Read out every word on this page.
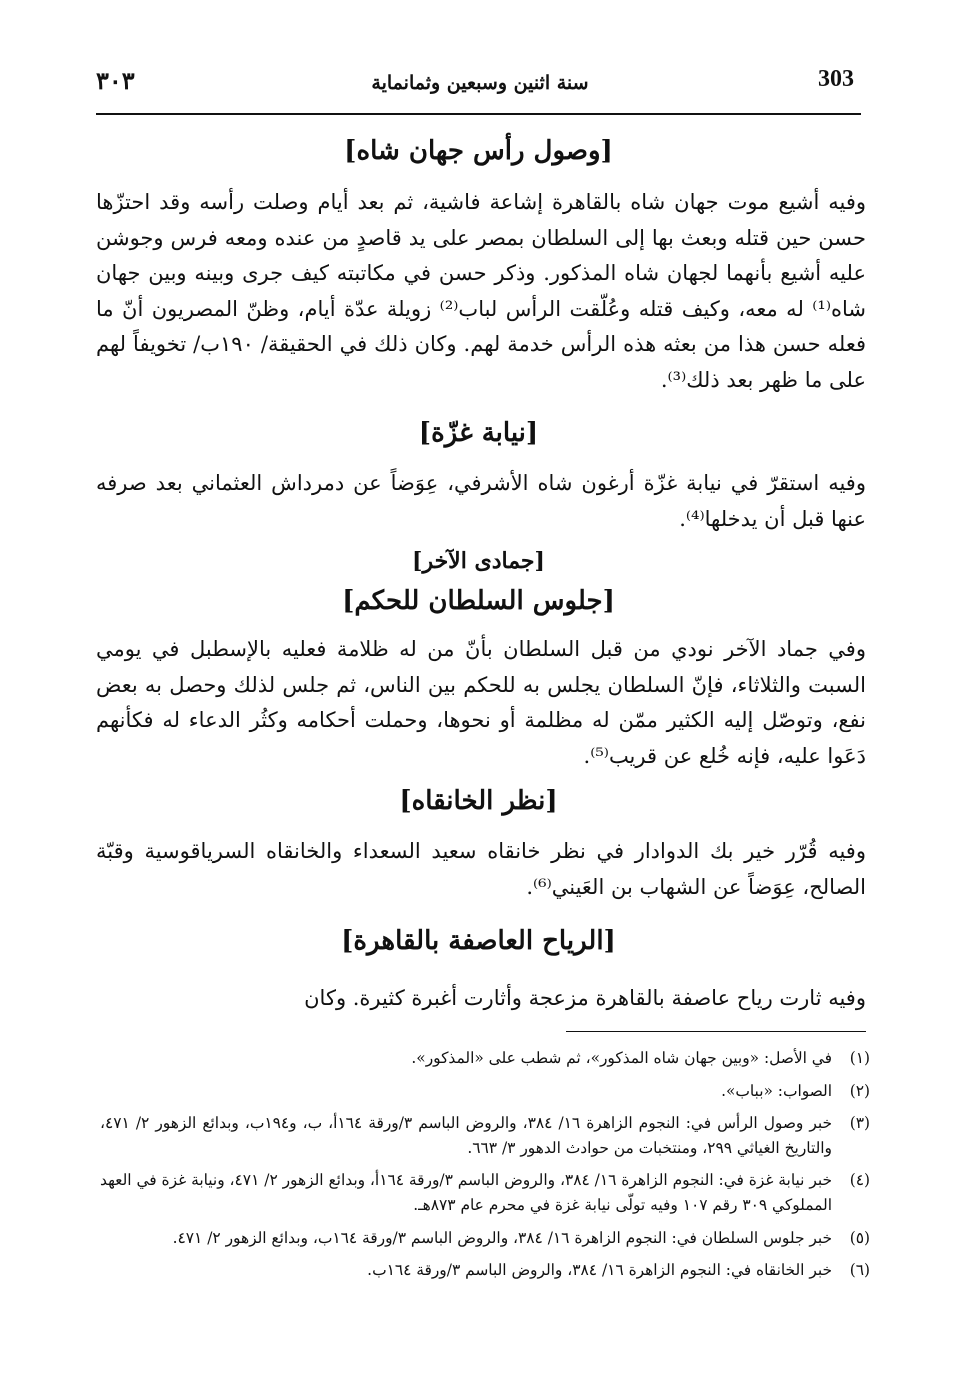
٣٠٣	سنة اثنين وسبعين وثمانماية	303
[وصول رأس جهان شاه]

وفيه أشيع موت جهان شاه بالقاهرة إشاعة فاشية، ثم بعد أيام وصلت رأسه وقد احتزّها حسن حين قتله وبعث بها إلى السلطان بمصر على يد قاصدٍ من عنده ومعه فرس وجوشن عليه أشيع بأنهما لجهان شاه المذكور. وذكر حسن في مكاتبته كيف جرى وبينه وبين جهان شاه⁽¹⁾ له معه، وكيف قتله وعُلّقت الرأس لباب⁽²⁾ زويلة عدّة أيام، وظنّ المصريون أنّ ما فعله حسن هذا من بعثه هذه الرأس خدمة لهم. وكان ذلك في الحقيقة/ ١٩٠ب/ تخويفاً لهم على ما ظهر بعد ذلك⁽³⁾.

[نيابة غزّة]

وفيه استقرّ في نيابة غزّة أرغون شاه الأشرفي، عِوَضاً عن دمرداش العثماني بعد صرفه عنها قبل أن يدخلها⁽⁴⁾.

[جمادى الآخر]
[جلوس السلطان للحكم]

وفي جماد الآخر نودي من قبل السلطان بأنّ من له ظلامة فعليه بالإسطبل في يومي السبت والثلاثاء، فإنّ السلطان يجلس به للحكم بين الناس، ثم جلس لذلك وحصل به بعض نفع، وتوصّل إليه الكثير ممّن له مظلمة أو نحوها، وحملت أحكامه وكثُر الدعاء له فكأنهم دَعَوا عليه، فإنه خُلع عن قريب⁽⁵⁾.

[نظر الخانقاه]

وفيه قُرّر خير بك الدوادار في نظر خانقاه سعيد السعداء والخانقاه السرياقوسية وقبّة الصالح، عِوَضاً عن الشهاب بن العَيني⁽⁶⁾.

[الرياح العاصفة بالقاهرة]

وفيه ثارت رياح عاصفة بالقاهرة مزعجة وأثارت أغبرة كثيرة. وكان

(١)
في الأصل: «وبين جهان شاه المذكور»، ثم شطب على «المذكور».
(٢)
الصواب: «بباب».
(٣)
خبر وصول الرأس في: النجوم الزاهرة ١٦/ ٣٨٤، والروض الباسم ٣/ورقة ١٦٤أ، ب، و١٩٤ب، وبدائع الزهور ٢/ ٤٧١، والتاريخ الغياثي ٢٩٩، ومنتخبات من حوادث الدهور ٣/ ٦٦٣.
(٤)
خبر نيابة غزة في: النجوم الزاهرة ١٦/ ٣٨٤، والروض الباسم ٣/ورقة ١٦٤أ، وبدائع الزهور ٢/ ٤٧١، ونيابة غزة في العهد المملوكي ٣٠٩ رقم ١٠٧ وفيه تولّى نيابة غزة في محرم عام ٨٧٣هـ.
(٥)
خبر جلوس السلطان في: النجوم الزاهرة ١٦/ ٣٨٤، والروض الباسم ٣/ورقة ١٦٤ب، وبدائع الزهور ٢/ ٤٧١.
(٦)
خبر الخانقاه في: النجوم الزاهرة ١٦/ ٣٨٤، والروض الباسم ٣/ورقة ١٦٤ب.
